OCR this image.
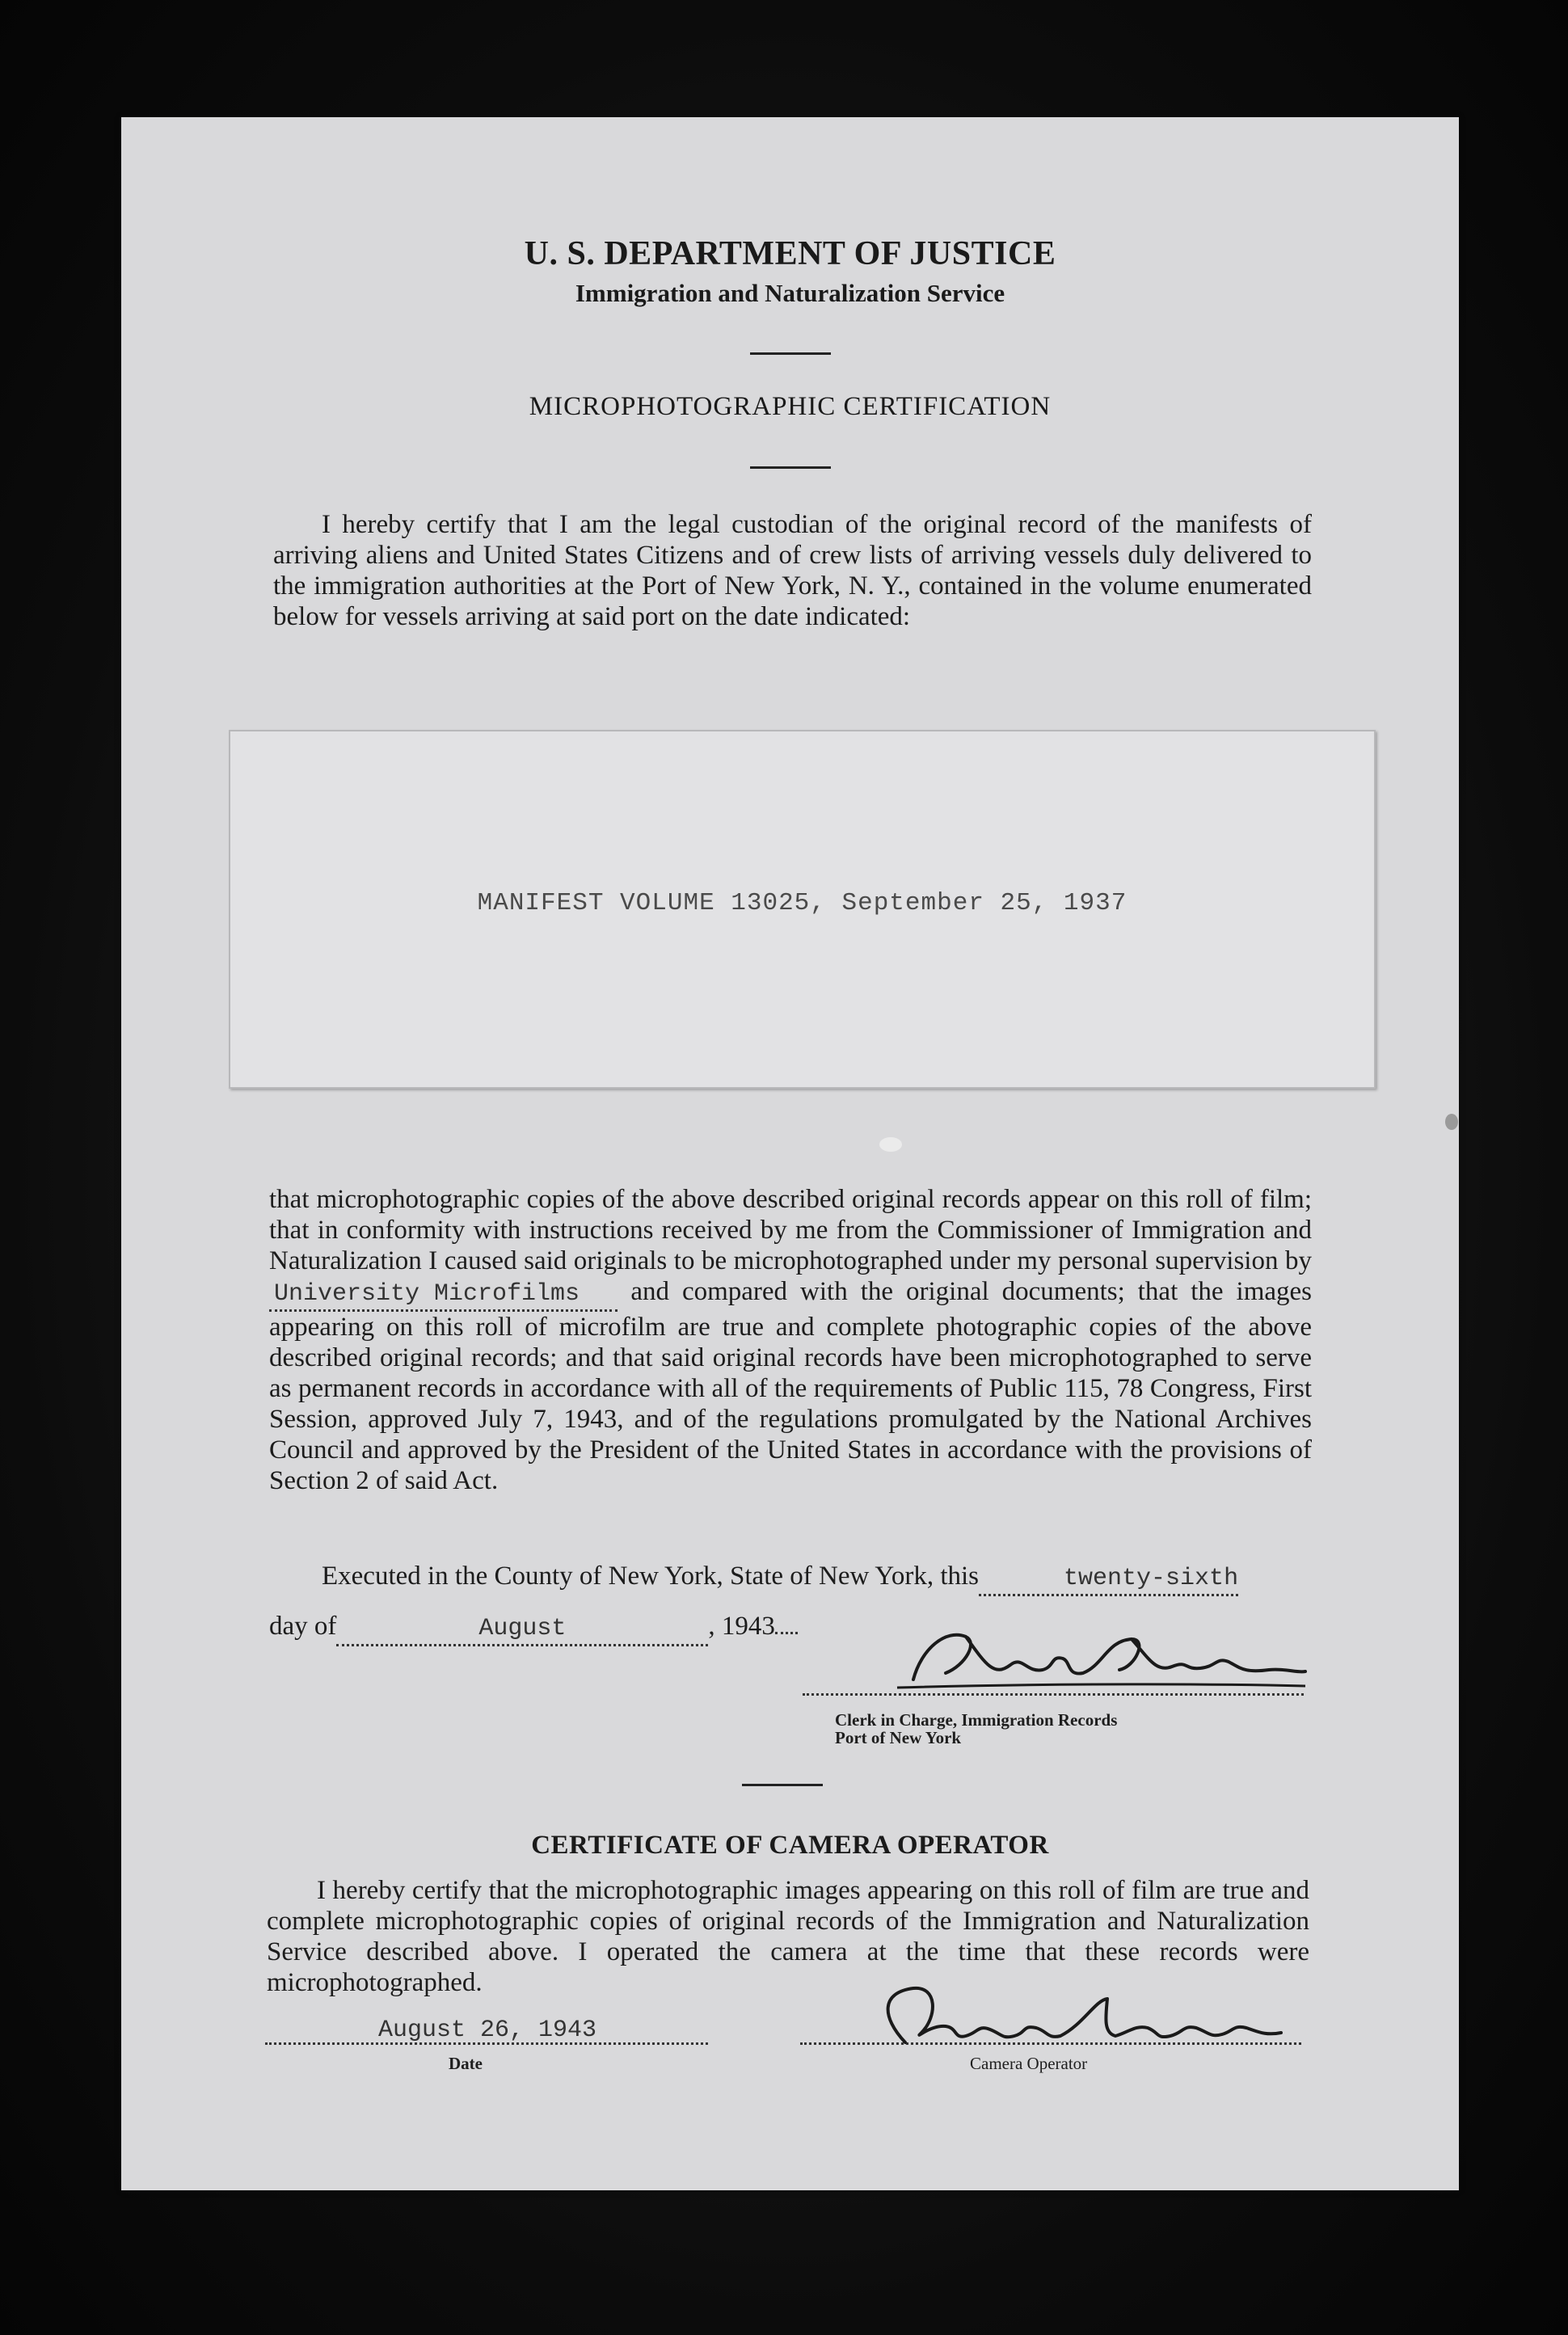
U. S. DEPARTMENT OF JUSTICE
Immigration and Naturalization Service
MICROPHOTOGRAPHIC CERTIFICATION

I hereby certify that I am the legal custodian of the original record of the manifests of arriving aliens and United States Citizens and of crew lists of arriving vessels duly delivered to the immigration authorities at the Port of New York, N. Y., contained in the volume enumerated below for vessels arriving at said port on the date indicated:

MANIFEST VOLUME 13025, September 25, 1937

that microphotographic copies of the above described original records appear on this roll of film; that in conformity with instructions received by me from the Commissioner of Immigration and Naturalization I caused said originals to be microphotographed under my personal supervision byUniversity Microfilms and compared with the original documents; that the images appearing on this roll of microfilm are true and complete photographic copies of the above described original records; and that said original records have been microphotographed to serve as permanent records in accordance with all of the requirements of Public 115, 78 Congress, First Session, approved July 7, 1943, and of the regulations promulgated by the National Archives Council and approved by the President of the United States in accordance with the provisions of Section 2 of said Act.

Executed in the County of New York, State of New York, this	twenty-sixth
day of	August	, 1943
Clerk in Charge, Immigration Records
Port of New York
CERTIFICATE OF CAMERA OPERATOR

I hereby certify that the microphotographic images appearing on this roll of film are true and complete microphotographic copies of original records of the Immigration and Naturalization Service described above. I operated the camera at the time that these records were microphotographed.

August 26, 1943
Date	Camera Operator
